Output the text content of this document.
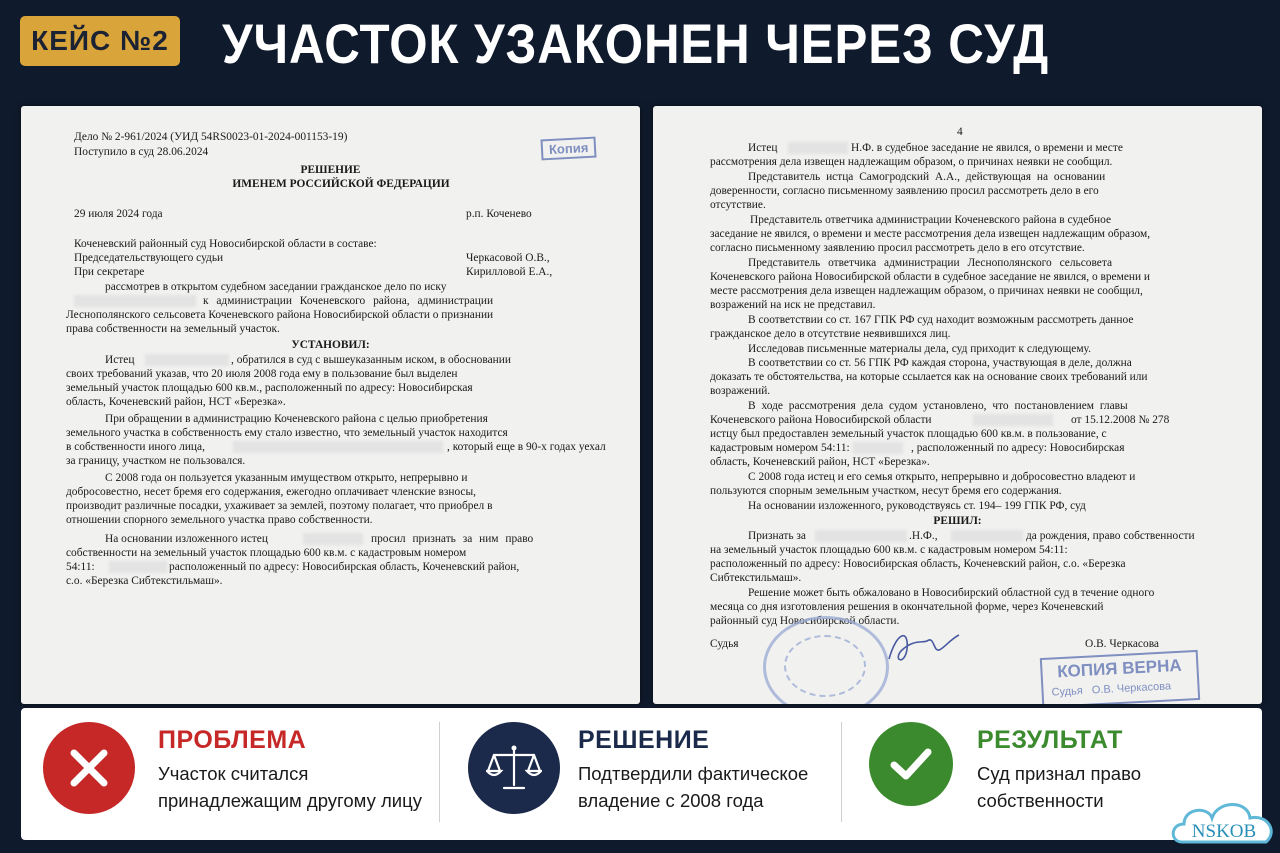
КЕЙС №2 УЧАСТОК УЗАКОНЕН ЧЕРЕЗ СУД
Дело № 2-961/2024 (УИД 54RS0023-01-2024-001153-19)
Поступило в суд 28.06.2024	Копия
РЕШЕНИЕ
ИМЕНЕМ РОССИЙСКОЙ ФЕДЕРАЦИИ
29 июля 2024 года	р.п. Коченево
Коченевский районный суд Новосибирской области в составе:
Председательствующего судьи	Черкасовой О.В.,
При секретаре	Кирилловой Е.А.,
рассмотрев в открытом судебном заседании гражданское дело по иску
к администрации Коченевского района, администрации
Леснополянского сельсовета Коченевского района Новосибирской области о признании
права собственности на земельный участок.
УСТАНОВИЛ:
Истец	, обратился в суд с вышеуказанным иском, в обосновании
своих требований указав, что 20 июля 2008 года ему в пользование был выделен
земельный участок площадью 600 кв.м., расположенный по адресу: Новосибирская
область, Коченевский район, НСТ «Березка».
При обращении в администрацию Коченевского района с целью приобретения
земельного участка в собственность ему стало известно, что земельный участок находится
в собственности иного лица,	, который еще в 90-х годах уехал
за границу, участком не пользовался.
С 2008 года он пользуется указанным имуществом открыто, непрерывно и
добросовестно, несет бремя его содержания, ежегодно оплачивает членские взносы,
производит различные посадки, ухаживает за землей, поэтому полагает, что приобрел в
отношении спорного земельного участка право собственности.
На основании изложенного истец	просил признать за ним право
собственности на земельный участок площадью 600 кв.м. с кадастровым номером
54:11:	расположенный по адресу: Новосибирская область, Коченевский район,
с.о. «Березка Сибтекстильмаш».
4
Истец	Н.Ф. в судебное заседание не явился, о времени и месте
рассмотрения дела извещен надлежащим образом, о причинах неявки не сообщил.
Представитель истца Самогродский А.А., действующая на основании
доверенности, согласно письменному заявлению просил рассмотреть дело в его
отсутствие.
Представитель ответчика администрации Коченевского района в судебное
заседание не явился, о времени и месте рассмотрения дела извещен надлежащим образом,
согласно письменному заявлению просил рассмотреть дело в его отсутствие.
Представитель ответчика администрации Леснополянского сельсовета
Коченевского района Новосибирской области в судебное заседание не явился, о времени и
месте рассмотрения дела извещен надлежащим образом, о причинах неявки не сообщил,
возражений на иск не представил.
В соответствии со ст. 167 ГПК РФ суд находит возможным рассмотреть данное
гражданское дело в отсутствие неявившихся лиц.
Исследовав письменные материалы дела, суд приходит к следующему.
В соответствии со ст. 56 ГПК РФ каждая сторона, участвующая в деле, должна
доказать те обстоятельства, на которые ссылается как на основание своих требований или
возражений.
В ходе рассмотрения дела судом установлено, что постановлением главы
Коченевского района Новосибирской области	от 15.12.2008 № 278
истцу был предоставлен земельный участок площадью 600 кв.м. в пользование, с
кадастровым номером 54:11:	, расположенный по адресу: Новосибирская
область, Коченевский район, НСТ «Березка».
С 2008 года истец и его семья открыто, непрерывно и добросовестно владеют и
пользуются спорным земельным участком, несут бремя его содержания.
На основании изложенного, руководствуясь ст. 194– 199 ГПК РФ, суд
РЕШИЛ:
Признать за	.Н.Ф.,	да рождения, право собственности
на земельный участок площадью 600 кв.м. с кадастровым номером 54:11:
расположенный по адресу: Новосибирская область, Коченевский район, с.о. «Березка
Сибтекстильмаш».
Решение может быть обжаловано в Новосибирский областной суд в течение одного
месяца со дня изготовления решения в окончательной форме, через Коченевский
районный суд Новосибирской области.
Судья	О.В. Черкасова
КОПИЯ ВЕРНА
Судья О.В. Черкасова
ПРОБЛЕМА
Участок считался
принадлежащим другому лицу
РЕШЕНИЕ
Подтвердили фактическое
владение с 2008 года
РЕЗУЛЬТАТ
Суд признал право
собственности
NSKOB
